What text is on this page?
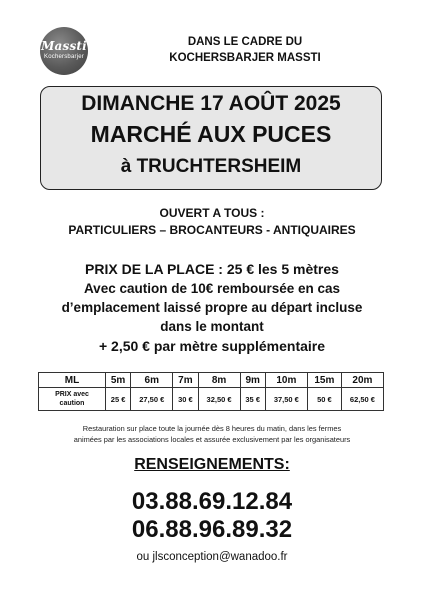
Massti
Kochersbarjer
DANS LE CADRE DU
KOCHERSBARJER MASSTI
DIMANCHE 17 AOÛT 2025
MARCHÉ AUX PUCES
à TRUCHTERSHEIM
OUVERT A TOUS :
PARTICULIERS – BROCANTEURS - ANTIQUAIRES
PRIX DE LA PLACE : 25 € les 5 mètres
Avec caution de 10€ remboursée en cas
d’emplacement laissé propre au départ incluse
dans le montant
+ 2,50 € par mètre supplémentaire
ML	5m	6m	7m	8m	9m	10m	15m	20m
PRIX avec
caution	25 €	27,50 €	30 €	32,50 €	35 €	37,50 €	50 €	62,50 €
Restauration sur place toute la journée dès 8 heures du matin, dans les fermes
animées par les associations locales et assurée exclusivement par les organisateurs
RENSEIGNEMENTS:
03.88.69.12.84
06.88.96.89.32
ou jlsconception@wanadoo.fr
